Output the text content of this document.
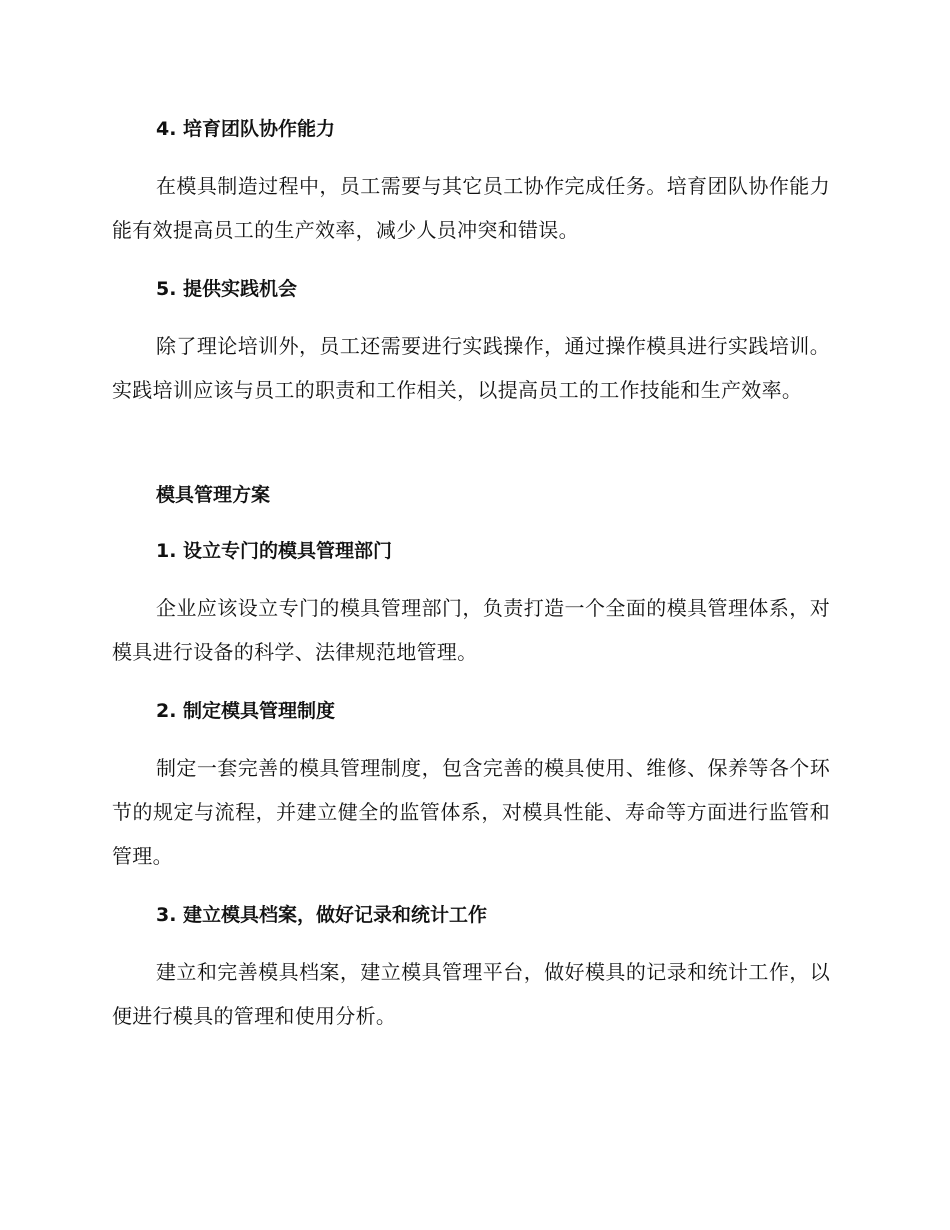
4. 培育团队协作能力

在模具制造过程中，员工需要与其它员工协作完成任务。培育团队协作能力能有效提高员工的生产效率，减少人员冲突和错误。

5. 提供实践机会

除了理论培训外，员工还需要进行实践操作，通过操作模具进行实践培训。实践培训应该与员工的职责和工作相关，以提高员工的工作技能和生产效率。

模具管理方案
1. 设立专门的模具管理部门

企业应该设立专门的模具管理部门，负责打造一个全面的模具管理体系，对模具进行设备的科学、法律规范地管理。

2. 制定模具管理制度

制定一套完善的模具管理制度，包含完善的模具使用、维修、保养等各个环节的规定与流程，并建立健全的监管体系，对模具性能、寿命等方面进行监管和管理。

3. 建立模具档案，做好记录和统计工作

建立和完善模具档案，建立模具管理平台，做好模具的记录和统计工作，以便进行模具的管理和使用分析。
